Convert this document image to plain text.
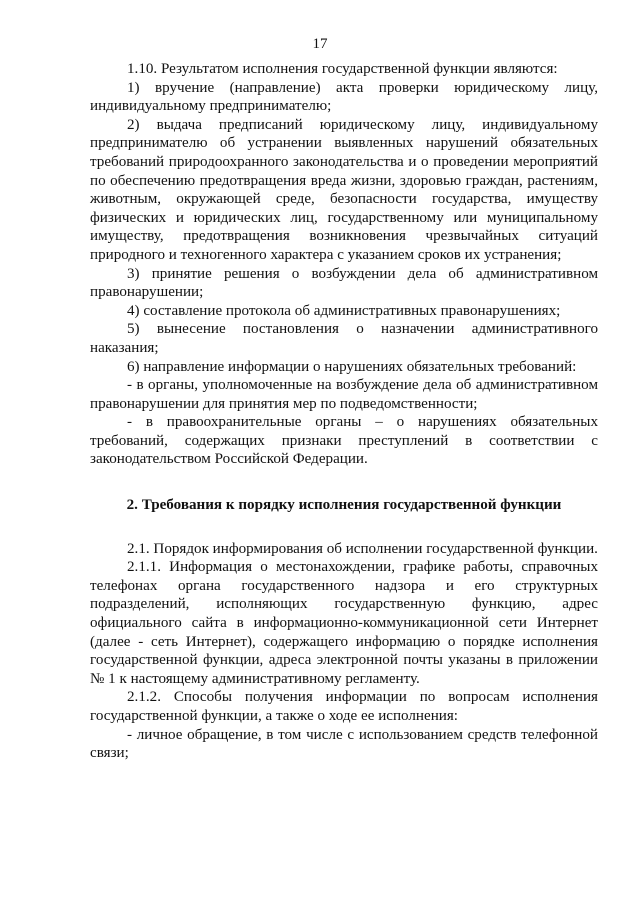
17

1.10. Результатом исполнения государственной функции являются:

1) вручение (направление) акта проверки юридическому лицу, индивидуальному предпринимателю;

2) выдача предписаний юридическому лицу, индивидуальному предпринимателю об устранении выявленных нарушений обязательных требований природоохранного законодательства и о проведении мероприятий по обеспечению предотвращения вреда жизни, здоровью граждан, растениям, животным, окружающей среде, безопасности государства, имуществу физических и юридических лиц, государственному или муниципальному имуществу, предотвращения возникновения чрезвычайных ситуаций природного и техногенного характера с указанием сроков их устранения;

3) принятие решения о возбуждении дела об административном правонарушении;

4) составление протокола об административных правонарушениях;

5) вынесение постановления о назначении административного наказания;

6) направление информации о нарушениях обязательных требований:

- в органы, уполномоченные на возбуждение дела об административном правонарушении для принятия мер по подведомственности;

- в правоохранительные органы – о нарушениях обязательных требований, содержащих признаки преступлений в соответствии с законодательством Российской Федерации.

2. Требования к порядку исполнения государственной функции

2.1. Порядок информирования об исполнении государственной функции.

2.1.1. Информация о местонахождении, графике работы, справочных телефонах органа государственного надзора и его структурных подразделений, исполняющих государственную функцию, адрес официального сайта в информационно-коммуникационной сети Интернет (далее - сеть Интернет), содержащего информацию о порядке исполнения государственной функции, адреса электронной почты указаны в приложении № 1 к настоящему административному регламенту.

2.1.2. Способы получения информации по вопросам исполнения государственной функции, а также о ходе ее исполнения:

- личное обращение, в том числе с использованием средств телефонной связи;
